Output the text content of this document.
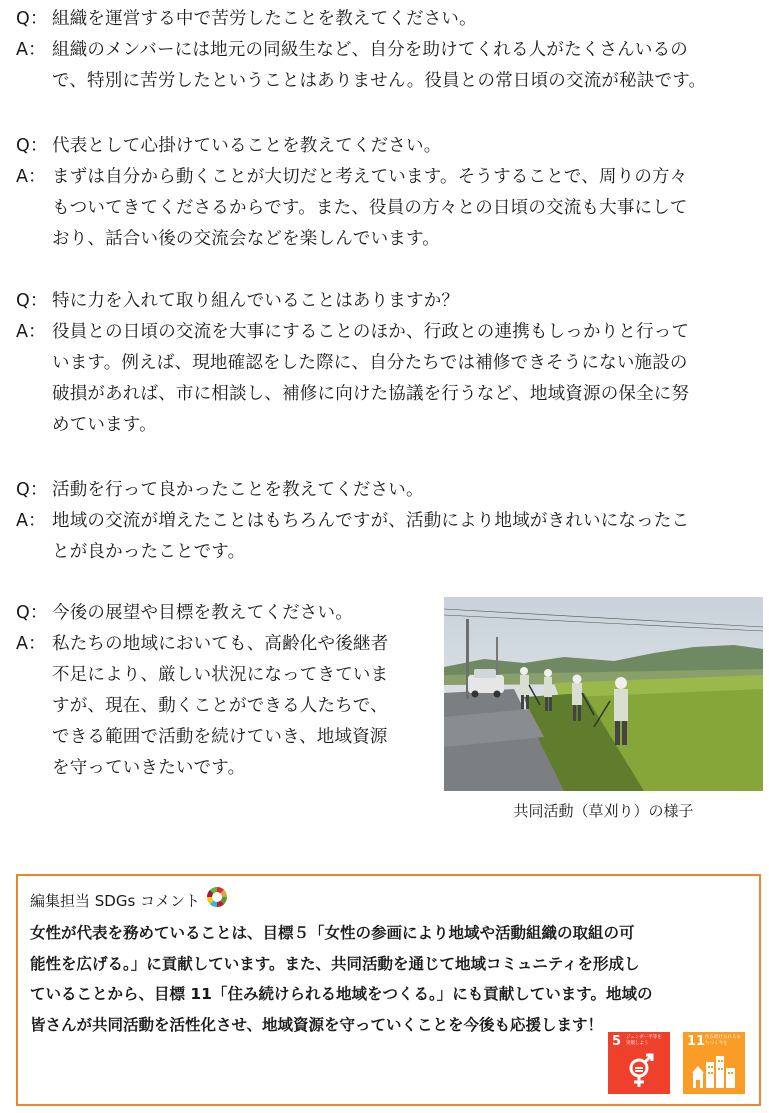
Q： 組織を運営する中で苦労したことを教えてください。
A： 組織のメンバーには地元の同級生など、自分を助けてくれる人がたくさんいるの
で、特別に苦労したということはありません。役員との常日頃の交流が秘訣です。
Q： 代表として心掛けていることを教えてください。
A： まずは自分から動くことが大切だと考えています。そうすることで、周りの方々
もついてきてくださるからです。また、役員の方々との日頃の交流も大事にして
おり、話合い後の交流会などを楽しんでいます。
Q： 特に力を入れて取り組んでいることはありますか？
A： 役員との日頃の交流を大事にすることのほか、行政との連携もしっかりと行って
います。例えば、現地確認をした際に、自分たちでは補修できそうにない施設の
破損があれば、市に相談し、補修に向けた協議を行うなど、地域資源の保全に努
めています。
Q： 活動を行って良かったことを教えてください。
A： 地域の交流が増えたことはもちろんですが、活動により地域がきれいになったこ
とが良かったことです。
Q： 今後の展望や目標を教えてください。
A： 私たちの地域においても、高齢化や後継者
不足により、厳しい状況になってきていま
すが、現在、動くことができる人たちで、
できる範囲で活動を続けていき、地域資源
を守っていきたいです。
共同活動（草刈り）の様子
編集担当 SDGs コメント
女性が代表を務めていることは、目標５「女性の参画により地域や活動組織の取組の可
能性を広げる。」に貢献しています。また、共同活動を通じて地域コミュニティを形成し
ていることから、目標 11「住み続けられる地域をつくる。」にも貢献しています。地域の
皆さんが共同活動を活性化させ、地域資源を守っていくことを今後も応援します！
5 ジェンダー平等を実現しよう	11 住み続けられるまちづくりを
